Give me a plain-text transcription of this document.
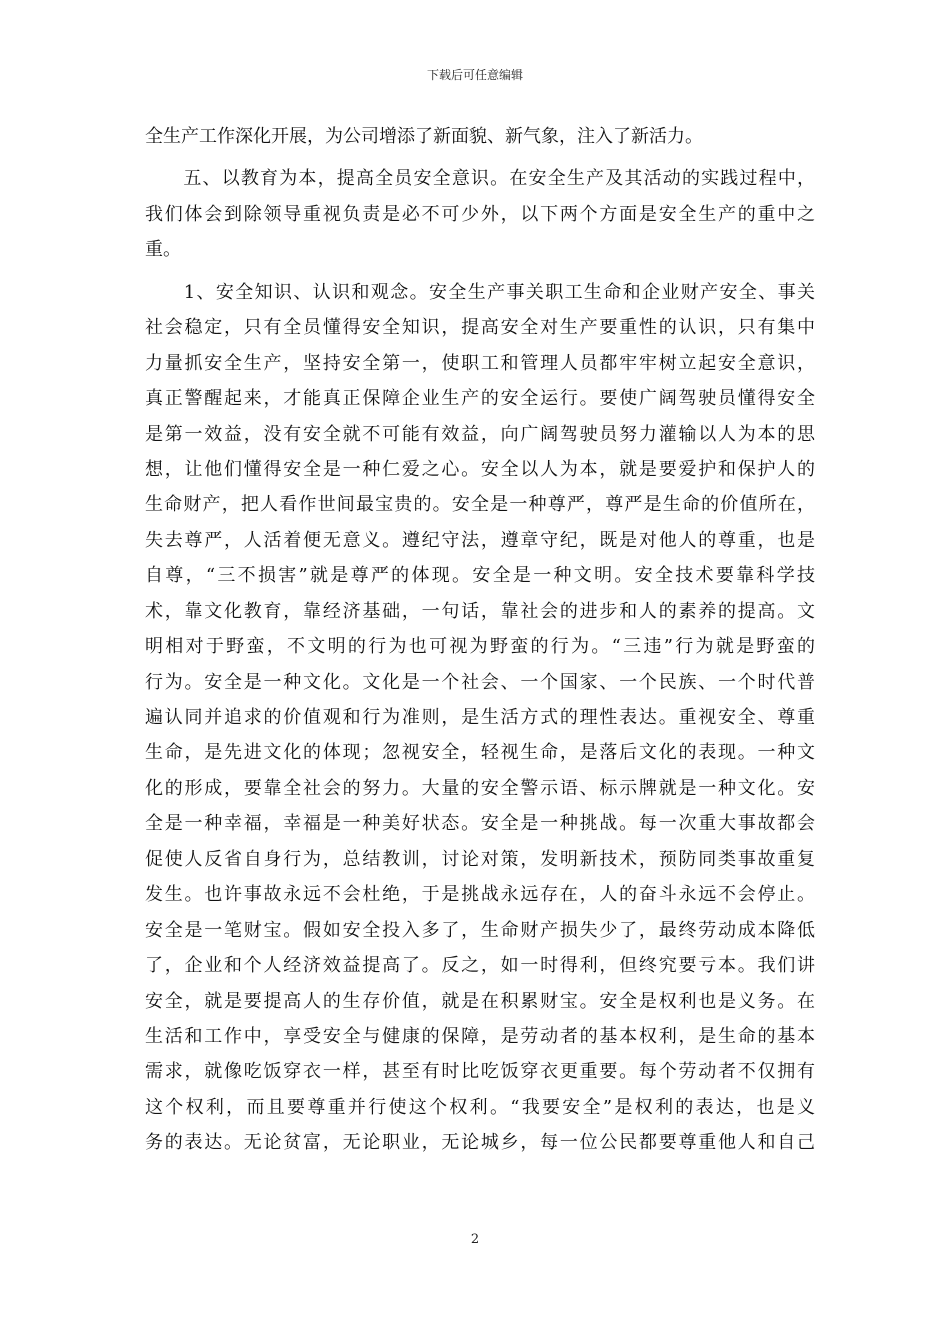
下载后可任意编辑
全生产工作深化开展，为公司增添了新面貌、新气象，注入了新活力。
　　五、以教育为本，提高全员安全意识。在安全生产及其活动的实践过程中，
我们体会到除领导重视负责是必不可少外，以下两个方面是安全生产的重中之
重。
　　1、安全知识、认识和观念。安全生产事关职工生命和企业财产安全、事关
社会稳定，只有全员懂得安全知识，提高安全对生产要重性的认识，只有集中
力量抓安全生产，坚持安全第一，使职工和管理人员都牢牢树立起安全意识，
真正警醒起来，才能真正保障企业生产的安全运行。要使广阔驾驶员懂得安全
是第一效益，没有安全就不可能有效益，向广阔驾驶员努力灌输以人为本的思
想，让他们懂得安全是一种仁爱之心。安全以人为本，就是要爱护和保护人的
生命财产，把人看作世间最宝贵的。安全是一种尊严，尊严是生命的价值所在，
失去尊严，人活着便无意义。遵纪守法，遵章守纪，既是对他人的尊重，也是
自尊，“三不损害”就是尊严的体现。安全是一种文明。安全技术要靠科学技
术，靠文化教育，靠经济基础，一句话，靠社会的进步和人的素养的提高。文
明相对于野蛮，不文明的行为也可视为野蛮的行为。“三违”行为就是野蛮的
行为。安全是一种文化。文化是一个社会、一个国家、一个民族、一个时代普
遍认同并追求的价值观和行为准则，是生活方式的理性表达。重视安全、尊重
生命，是先进文化的体现；忽视安全，轻视生命，是落后文化的表现。一种文
化的形成，要靠全社会的努力。大量的安全警示语、标示牌就是一种文化。安
全是一种幸福，幸福是一种美好状态。安全是一种挑战。每一次重大事故都会
促使人反省自身行为，总结教训，讨论对策，发明新技术，预防同类事故重复
发生。也许事故永远不会杜绝，于是挑战永远存在，人的奋斗永远不会停止。
安全是一笔财宝。假如安全投入多了，生命财产损失少了，最终劳动成本降低
了，企业和个人经济效益提高了。反之，如一时得利，但终究要亏本。我们讲
安全，就是要提高人的生存价值，就是在积累财宝。安全是权利也是义务。在
生活和工作中，享受安全与健康的保障，是劳动者的基本权利，是生命的基本
需求，就像吃饭穿衣一样，甚至有时比吃饭穿衣更重要。每个劳动者不仅拥有
这个权利，而且要尊重并行使这个权利。“我要安全”是权利的表达，也是义
务的表达。无论贫富，无论职业，无论城乡，每一位公民都要尊重他人和自己
2
